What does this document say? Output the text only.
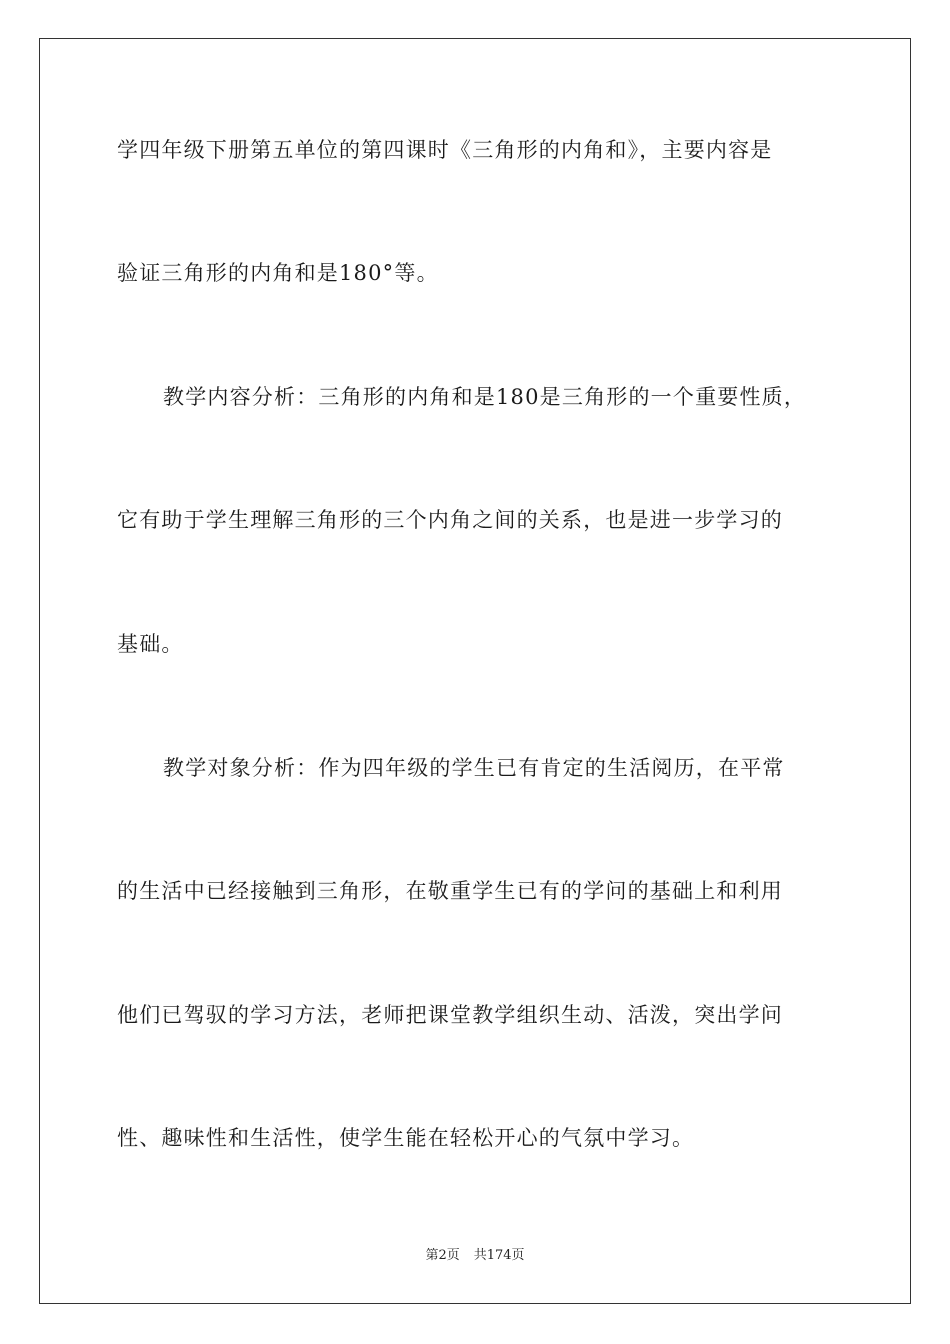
学四年级下册第五单位的第四课时《三角形的内角和》，主要内容是
验证三角形的内角和是180°等。
教学内容分析：三角形的内角和是180是三角形的一个重要性质，
它有助于学生理解三角形的三个内角之间的关系，也是进一步学习的
基础。
教学对象分析：作为四年级的学生已有肯定的生活阅历，在平常
的生活中已经接触到三角形，在敬重学生已有的学问的基础上和利用
他们已驾驭的学习方法，老师把课堂教学组织生动、活泼，突出学问
性、趣味性和生活性，使学生能在轻松开心的气氛中学习。
第2页 共174页
